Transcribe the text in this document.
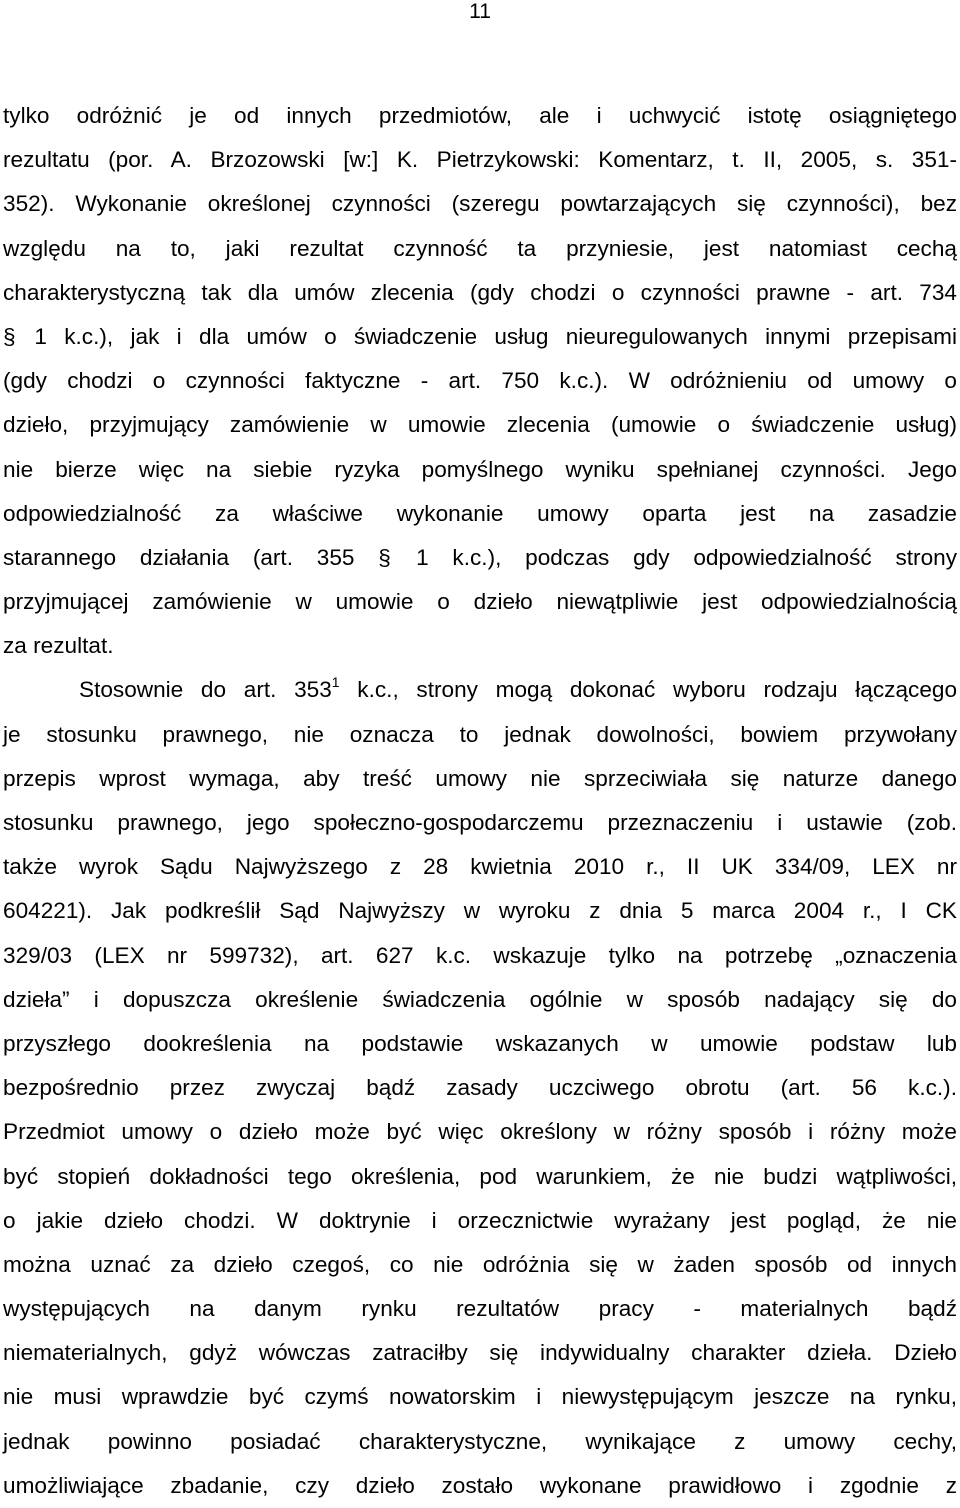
11
tylko odróżnić je od innych przedmiotów, ale i uchwycić istotę osiągniętego
rezultatu (por. A. Brzozowski [w:] K. Pietrzykowski: Komentarz, t. II, 2005, s. 351-
352). Wykonanie określonej czynności (szeregu powtarzających się czynności), bez
względu na to, jaki rezultat czynność ta przyniesie, jest natomiast cechą
charakterystyczną tak dla umów zlecenia (gdy chodzi o czynności prawne - art. 734
§ 1 k.c.), jak i dla umów o świadczenie usług nieuregulowanych innymi przepisami
(gdy chodzi o czynności faktyczne - art. 750 k.c.). W odróżnieniu od umowy o
dzieło, przyjmujący zamówienie w umowie zlecenia (umowie o świadczenie usług)
nie bierze więc na siebie ryzyka pomyślnego wyniku spełnianej czynności. Jego
odpowiedzialność za właściwe wykonanie umowy oparta jest na zasadzie
starannego działania (art. 355 § 1 k.c.), podczas gdy odpowiedzialność strony
przyjmującej zamówienie w umowie o dzieło niewątpliwie jest odpowiedzialnością
za rezultat.
Stosownie do art. $353^1$ k.c., strony mogą dokonać wyboru rodzaju łączącego
je stosunku prawnego, nie oznacza to jednak dowolności, bowiem przywołany
przepis wprost wymaga, aby treść umowy nie sprzeciwiała się naturze danego
stosunku prawnego, jego społeczno-gospodarczemu przeznaczeniu i ustawie (zob.
także wyrok Sądu Najwyższego z 28 kwietnia 2010 r., II UK 334/09, LEX nr
604221). Jak podkreślił Sąd Najwyższy w wyroku z dnia 5 marca 2004 r., I CK
329/03 (LEX nr 599732), art. 627 k.c. wskazuje tylko na potrzebę „oznaczenia
dzieła” i dopuszcza określenie świadczenia ogólnie w sposób nadający się do
przyszłego dookreślenia na podstawie wskazanych w umowie podstaw lub
bezpośrednio przez zwyczaj bądź zasady uczciwego obrotu (art. 56 k.c.).
Przedmiot umowy o dzieło może być więc określony w różny sposób i różny może
być stopień dokładności tego określenia, pod warunkiem, że nie budzi wątpliwości,
o jakie dzieło chodzi. W doktrynie i orzecznictwie wyrażany jest pogląd, że nie
można uznać za dzieło czegoś, co nie odróżnia się w żaden sposób od innych
występujących na danym rynku rezultatów pracy - materialnych bądź
niematerialnych, gdyż wówczas zatraciłby się indywidualny charakter dzieła. Dzieło
nie musi wprawdzie być czymś nowatorskim i niewystępującym jeszcze na rynku,
jednak powinno posiadać charakterystyczne, wynikające z umowy cechy,
umożliwiające zbadanie, czy dzieło zostało wykonane prawidłowo i zgodnie z
